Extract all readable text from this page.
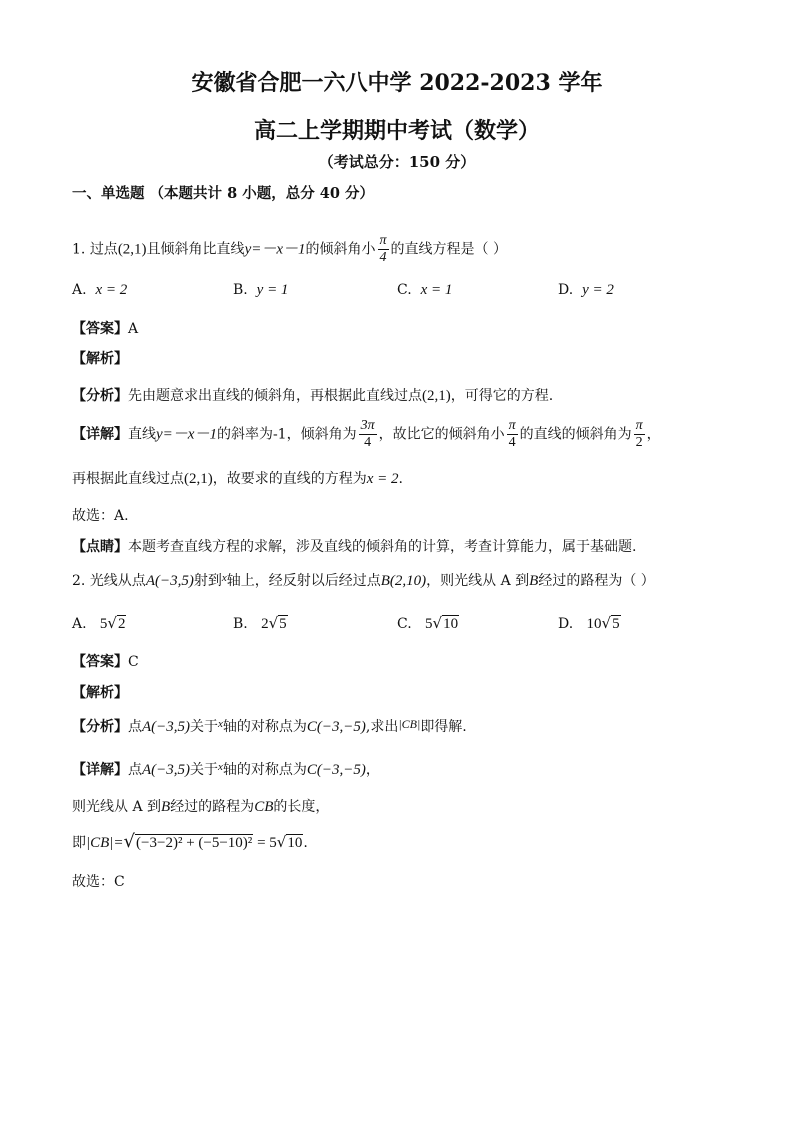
安徽省合肥一六八中学 2022-2023 学年
高二上学期期中考试（数学）
（考试总分：150 分）
一、单选题 （本题共计 8 小题，总分 40 分）
1. 过点(2,1)且倾斜角比直线y=－x－1的倾斜角小 $\frac{\pi}{4}$ 的直线方程是（ ）
A. x = 2	B. y = 1	C. x = 1	D. y = 2
【答案】A
【解析】
【分析】先由题意求出直线的倾斜角，再根据此直线过点(2,1)，可得它的方程.
【详解】直线y=－x－1的斜率为-1，倾斜角为 $\frac{3\pi}{4}$ ，故比它的倾斜角小 $\frac{\pi}{4}$ 的直线的倾斜角为 $\frac{\pi}{2}$ ，
再根据此直线过点(2,1)，故要求的直线的方程为x = 2.
故选：A.
【点睛】本题考查直线方程的求解，涉及直线的倾斜角的计算，考查计算能力，属于基础题.
2. 光线从点A(−3,5)射到$^x$轴上，经反射以后经过点B(2,10)，则光线从 A 到B经过的路程为（ ）
A. 5√2	B. 2√5	C. 5√10	D. 10√5
【答案】C
【解析】
【分析】点A(−3,5)关于$^x$轴的对称点为C(−3,−5),求出|CB|即得解.
【详解】点A(−3,5)关于$^x$轴的对称点为C(−3,−5)，
则光线从 A 到B经过的路程为CB的长度，
即|CB|=√(−3−2)² + (−5−10)² = 5√10.
故选：C
